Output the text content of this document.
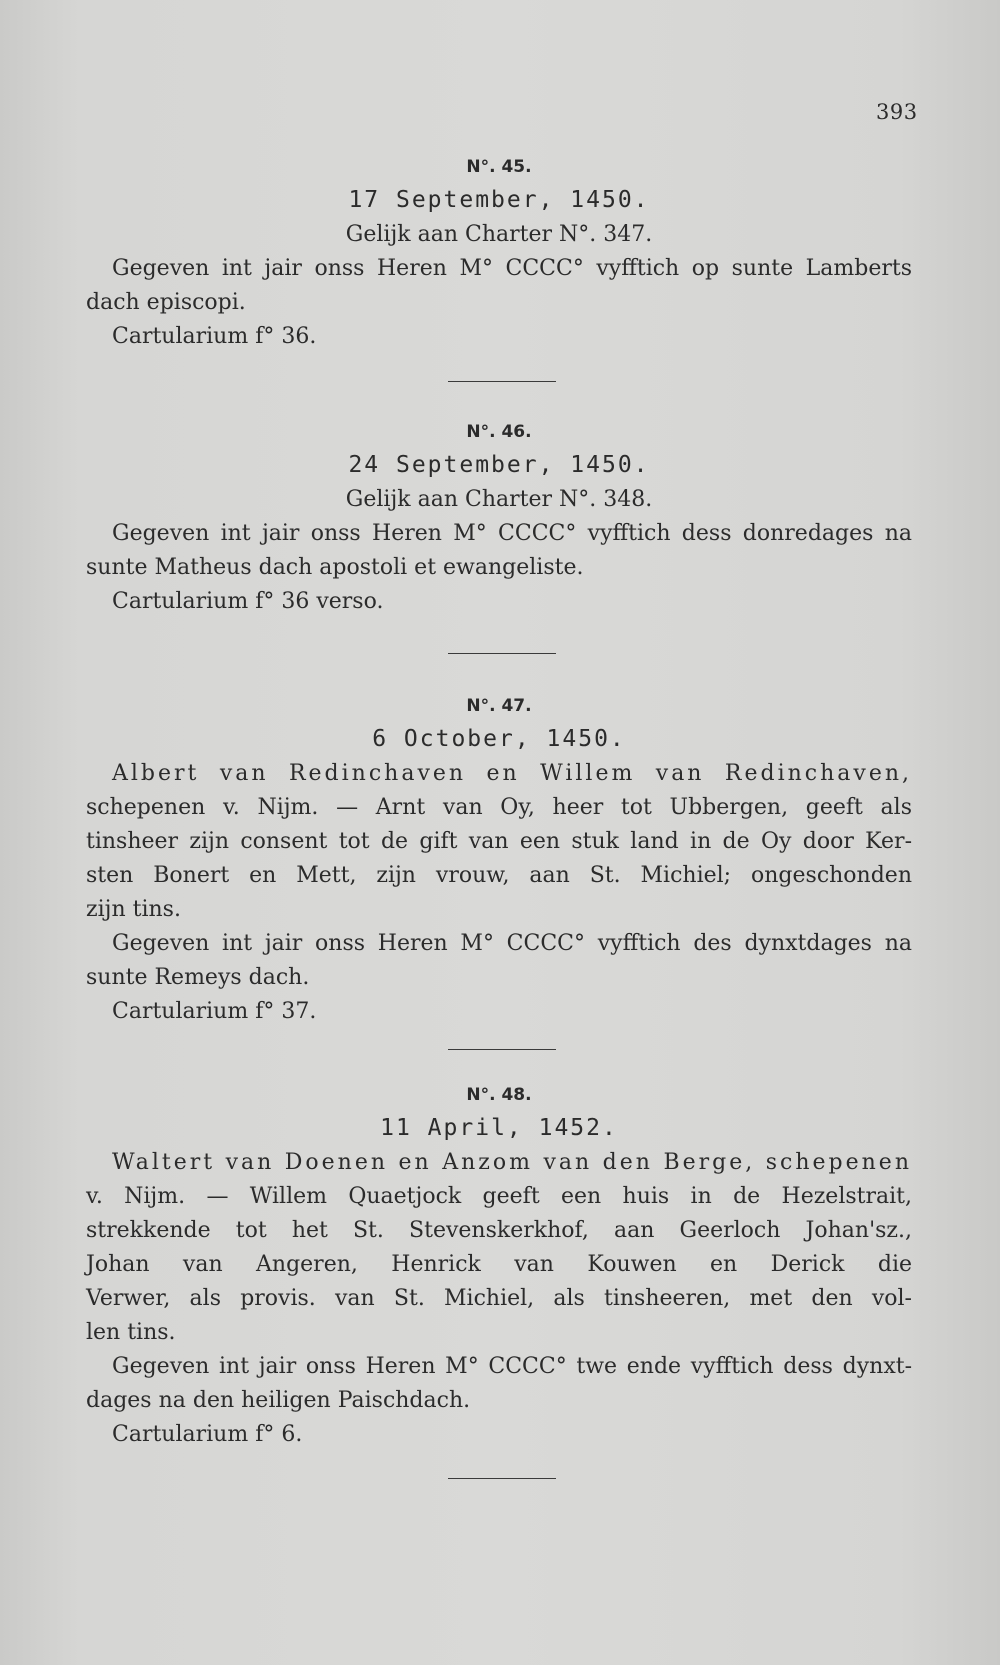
393
N°. 45.
17 September, 1450.
Gelijk aan Charter N°. 347.
Gegeven int jair onss Heren M° CCCC° vyfftich op sunte Lamberts
dach episcopi.
Cartularium f° 36.
N°. 46.
24 September, 1450.
Gelijk aan Charter N°. 348.
Gegeven int jair onss Heren M° CCCC° vyfftich dess donredages na
sunte Matheus dach apostoli et ewangeliste.
Cartularium f° 36 verso.
N°. 47.
6 October, 1450.
Albert van Redinchaven en Willem van Redinchaven,
schepenen v. Nijm. — Arnt van Oy, heer tot Ubbergen, geeft als
tinsheer zijn consent tot de gift van een stuk land in de Oy door Ker-
sten Bonert en Mett, zijn vrouw, aan St. Michiel; ongeschonden
zijn tins.
Gegeven int jair onss Heren M° CCCC° vyfftich des dynxtdages na
sunte Remeys dach.
Cartularium f° 37.
N°. 48.
11 April, 1452.
Waltert van Doenen en Anzom van den Berge, schepenen
v. Nijm. — Willem Quaetjock geeft een huis in de Hezelstrait,
strekkende tot het St. Stevenskerkhof, aan Geerloch Johan'sz.,
Johan van Angeren, Henrick van Kouwen en Derick die
Verwer, als provis. van St. Michiel, als tinsheeren, met den vol-
len tins.
Gegeven int jair onss Heren M° CCCC° twe ende vyfftich dess dynxt-
dages na den heiligen Paischdach.
Cartularium f° 6.
